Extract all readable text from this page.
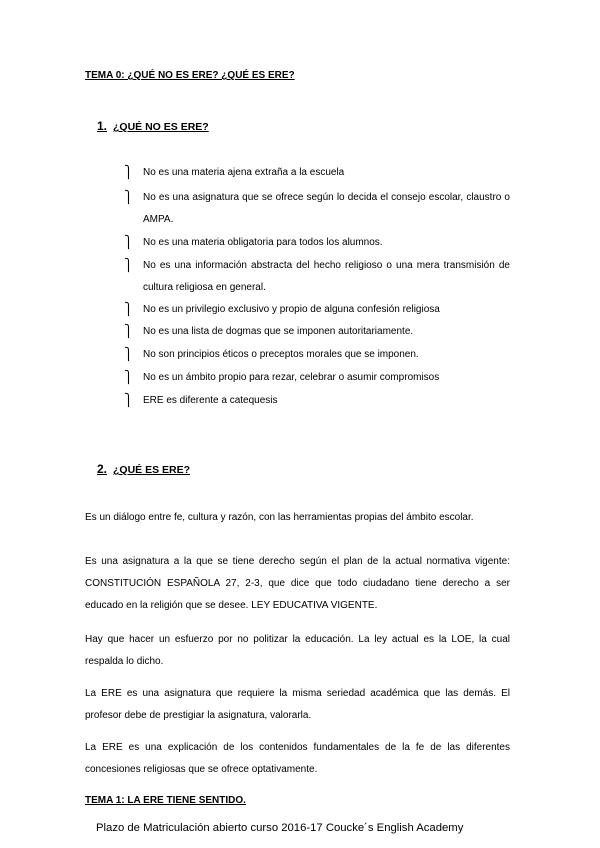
TEMA 0: ¿QUÉ NO ES ERE? ¿QUÉ ES ERE?
1. ¿QUÉ NO ES ERE?
⎫	No es una materia ajena extraña a la escuela
⎫	No es una asignatura que se ofrece según lo decida el consejo escolar, claustro o AMPA.
⎫	No es una materia obligatoria para todos los alumnos.
⎫	No es una información abstracta del hecho religioso o una mera transmisión de cultura religiosa en general.
⎫	No es un privilegio exclusivo y propio de alguna confesión religiosa
⎫	No es una lista de dogmas que se imponen autoritariamente.
⎫	No son principios éticos o preceptos morales que se imponen.
⎫	No es un ámbito propio para rezar, celebrar o asumir compromisos
⎫	ERE es diferente a catequesis
2. ¿QUÉ ES ERE?
Es un diálogo entre fe, cultura y razón, con las herramientas propias del ámbito escolar.
Es una asignatura a la que se tiene derecho según el plan de la actual normativa vigente: CONSTITUCIÓN ESPAÑOLA 27, 2-3, que dice que todo ciudadano tiene derecho a ser educado en la religión que se desee. LEY EDUCATIVA VIGENTE.
Hay que hacer un esfuerzo por no politizar la educación. La ley actual es la LOE, la cual respalda lo dicho.
La ERE es una asignatura que requiere la misma seriedad académica que las demás. El profesor debe de prestigiar la asignatura, valorarla.
La ERE es una explicación de los contenidos fundamentales de la fe de las diferentes concesiones religiosas que se ofrece optativamente.
TEMA 1: LA ERE TIENE SENTIDO.
Plazo de Matriculación abierto curso 2016-17 Coucke´s English Academy
